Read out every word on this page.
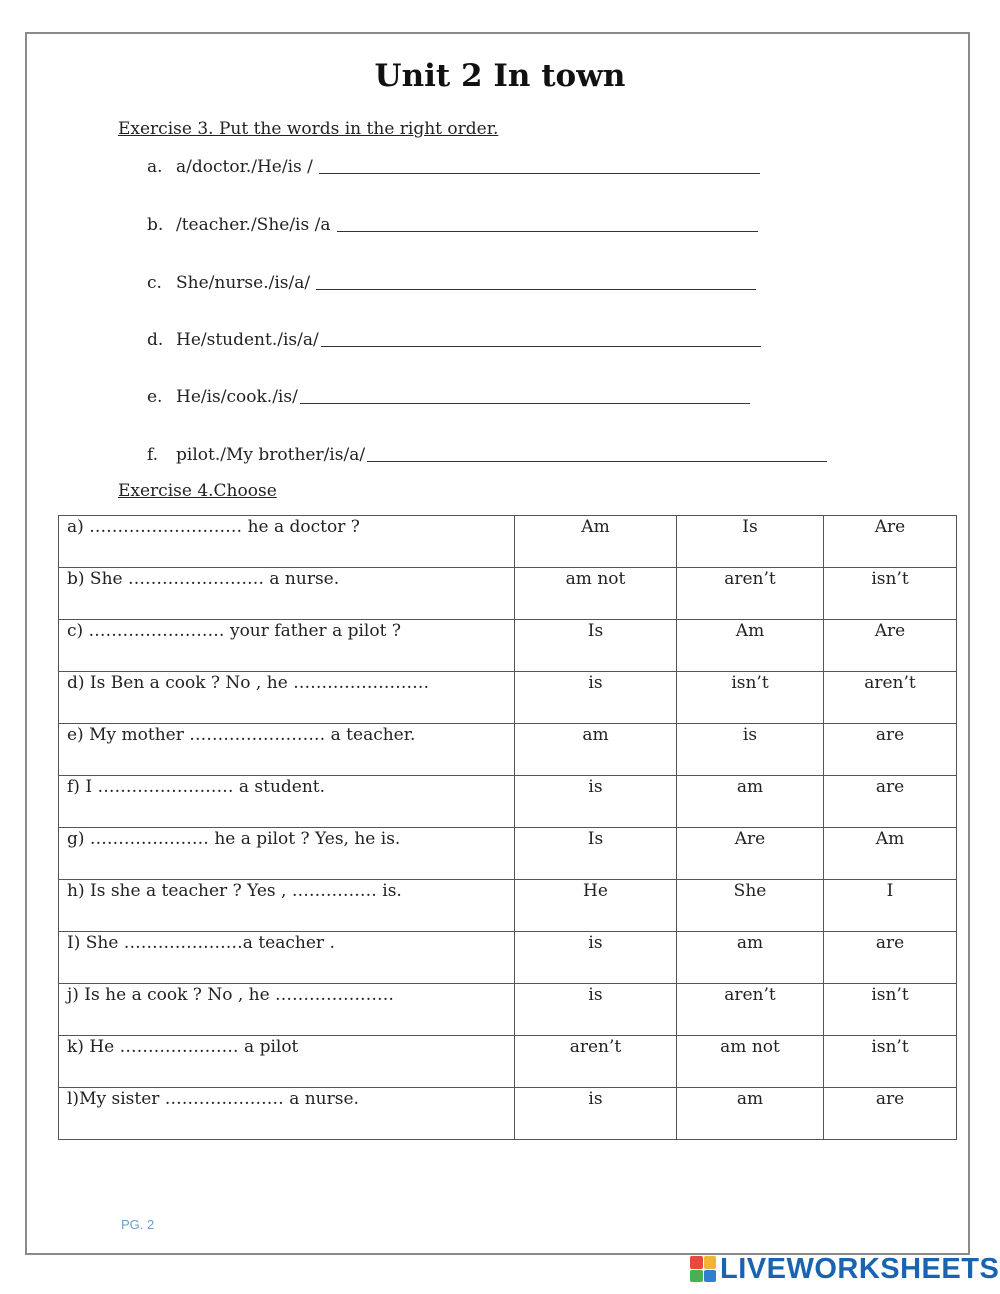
Unit 2 In town
Exercise 3. Put the words in the right order.
a. a/doctor./He/is /
b. /teacher./She/is /a
c. She/nurse./is/a/
d. He/student./is/a/
e. He/is/cook./is/
f.	pilot./My brother/is/a/
Exercise 4.Choose
a) ……………………… he a doctor ?	Am	Is	Are
b) She …………………… a nurse.	am not	aren’t	isn’t
c) …………………… your father a pilot ?	Is	Am	Are
d) Is Ben a cook ? No , he ……………………	is	isn’t	aren’t
e) My mother …………………… a teacher.	am	is	are
f) I …………………… a student.	is	am	are
g) ………………… he a pilot ? Yes, he is.	Is	Are	Am
h) Is she a teacher ? Yes , …………… is.	He	She	I
I) She …………………a teacher .	is	am	are
j) Is he a cook ? No , he …………………	is	aren’t	isn’t
k) He ………………… a pilot	aren’t	am not	isn’t
l)My sister ………………… a nurse.	is	am	are
PG. 2
LIVEWORKSHEETS
